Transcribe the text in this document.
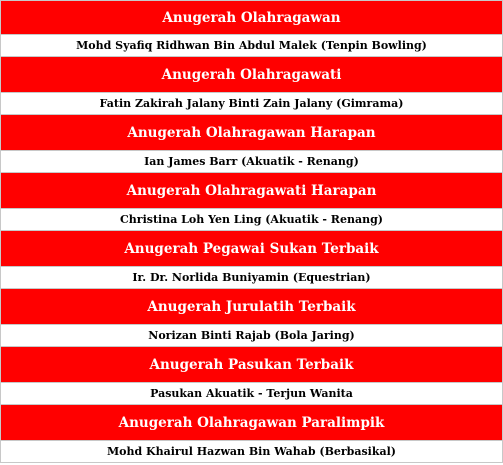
Anugerah Olahragawan
Mohd Syafiq Ridhwan Bin Abdul Malek (Tenpin Bowling)
Anugerah Olahragawati
Fatin Zakirah Jalany Binti Zain Jalany (Gimrama)
Anugerah Olahragawan Harapan
Ian James Barr (Akuatik - Renang)
Anugerah Olahragawati Harapan
Christina Loh Yen Ling (Akuatik - Renang)
Anugerah Pegawai Sukan Terbaik
Ir. Dr. Norlida Buniyamin (Equestrian)
Anugerah Jurulatih Terbaik
Norizan Binti Rajab (Bola Jaring)
Anugerah Pasukan Terbaik
Pasukan Akuatik - Terjun Wanita
Anugerah Olahragawan Paralimpik
Mohd Khairul Hazwan Bin Wahab (Berbasikal)
